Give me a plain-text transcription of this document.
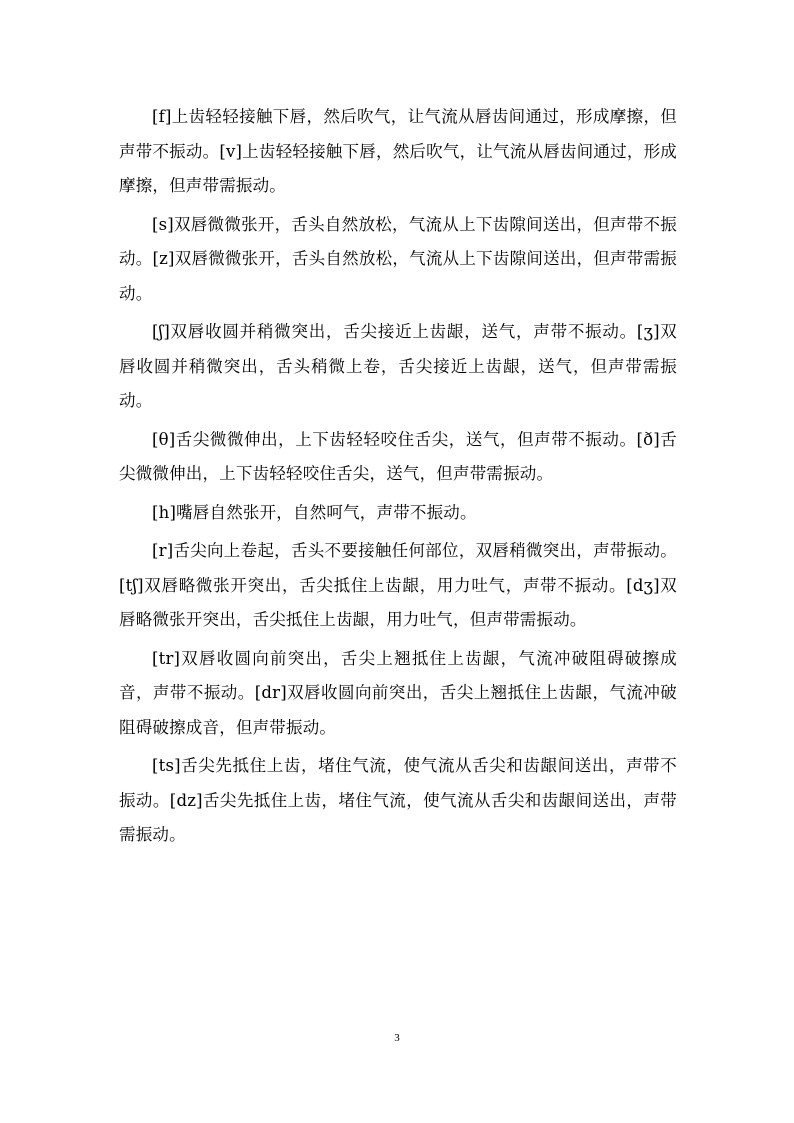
[f]上齿轻轻接触下唇，然后吹气，让气流从唇齿间通过，形成摩擦，但声带不振动。[v]上齿轻轻接触下唇，然后吹气，让气流从唇齿间通过，形成摩擦，但声带需振动。

[s]双唇微微张开，舌头自然放松，气流从上下齿隙间送出，但声带不振动。[z]双唇微微张开，舌头自然放松，气流从上下齿隙间送出，但声带需振动。

[ʃ]双唇收圆并稍微突出，舌尖接近上齿龈，送气，声带不振动。[ʒ]双唇收圆并稍微突出，舌头稍微上卷，舌尖接近上齿龈，送气，但声带需振动。

[θ]舌尖微微伸出，上下齿轻轻咬住舌尖，送气，但声带不振动。[ð]舌尖微微伸出，上下齿轻轻咬住舌尖，送气，但声带需振动。

[h]嘴唇自然张开，自然呵气，声带不振动。

[r]舌尖向上卷起，舌头不要接触任何部位，双唇稍微突出，声带振动。[tʃ]双唇略微张开突出，舌尖抵住上齿龈，用力吐气，声带不振动。[dʒ]双唇略微张开突出，舌尖抵住上齿龈，用力吐气，但声带需振动。

[tr]双唇收圆向前突出，舌尖上翘抵住上齿龈，气流冲破阻碍破擦成音，声带不振动。[dr]双唇收圆向前突出，舌尖上翘抵住上齿龈，气流冲破阻碍破擦成音，但声带振动。

[ts]舌尖先抵住上齿，堵住气流，使气流从舌尖和齿龈间送出，声带不振动。[dz]舌尖先抵住上齿，堵住气流，使气流从舌尖和齿龈间送出，声带需振动。

3
